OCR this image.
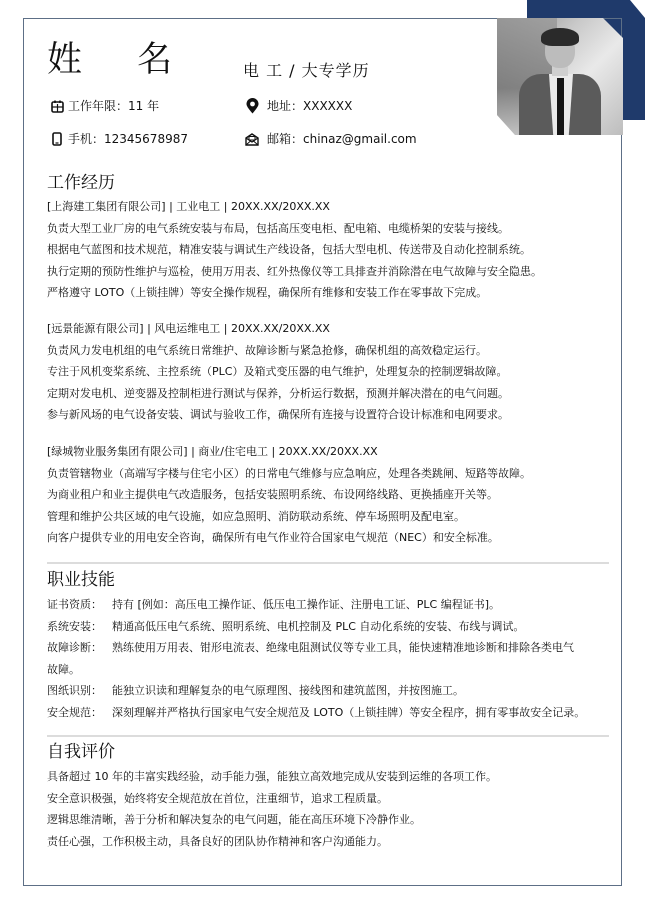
姓 名	电 工 / 大专学历
工作年限：11 年
手机：12345678987
地址：XXXXXX
邮箱：chinaz@gmail.com
工作经历
[上海建工集团有限公司] | 工业电工 | 20XX.XX/20XX.XX
负责大型工业厂房的电气系统安装与布局，包括高压变电柜、配电箱、电缆桥架的安装与接线。
根据电气蓝图和技术规范，精准安装与调试生产线设备，包括大型电机、传送带及自动化控制系统。
执行定期的预防性维护与巡检，使用万用表、红外热像仪等工具排查并消除潜在电气故障与安全隐患。
严格遵守 LOTO（上锁挂牌）等安全操作规程，确保所有维修和安装工作在零事故下完成。
[远景能源有限公司] | 风电运维电工 | 20XX.XX/20XX.XX
负责风力发电机组的电气系统日常维护、故障诊断与紧急抢修，确保机组的高效稳定运行。
专注于风机变桨系统、主控系统（PLC）及箱式变压器的电气维护，处理复杂的控制逻辑故障。
定期对发电机、逆变器及控制柜进行测试与保养，分析运行数据，预测并解决潜在的电气问题。
参与新风场的电气设备安装、调试与验收工作，确保所有连接与设置符合设计标准和电网要求。
[绿城物业服务集团有限公司] | 商业/住宅电工 | 20XX.XX/20XX.XX
负责管辖物业（高端写字楼与住宅小区）的日常电气维修与应急响应，处理各类跳闸、短路等故障。
为商业租户和业主提供电气改造服务，包括安装照明系统、布设网络线路、更换插座开关等。
管理和维护公共区域的电气设施，如应急照明、消防联动系统、停车场照明及配电室。
向客户提供专业的用电安全咨询，确保所有电气作业符合国家电气规范（NEC）和安全标准。
职业技能
证书资质： 持有 [例如：高压电工操作证、低压电工操作证、注册电工证、PLC 编程证书]。
系统安装： 精通高低压电气系统、照明系统、电机控制及 PLC 自动化系统的安装、布线与调试。
故障诊断： 熟练使用万用表、钳形电流表、绝缘电阻测试仪等专业工具，能快速精准地诊断和排除各类电气
故障。
图纸识别： 能独立识读和理解复杂的电气原理图、接线图和建筑蓝图，并按图施工。
安全规范： 深刻理解并严格执行国家电气安全规范及 LOTO（上锁挂牌）等安全程序，拥有零事故安全记录。
自我评价
具备超过 10 年的丰富实践经验，动手能力强，能独立高效地完成从安装到运维的各项工作。
安全意识极强，始终将安全规范放在首位，注重细节，追求工程质量。
逻辑思维清晰，善于分析和解决复杂的电气问题，能在高压环境下冷静作业。
责任心强，工作积极主动，具备良好的团队协作精神和客户沟通能力。
